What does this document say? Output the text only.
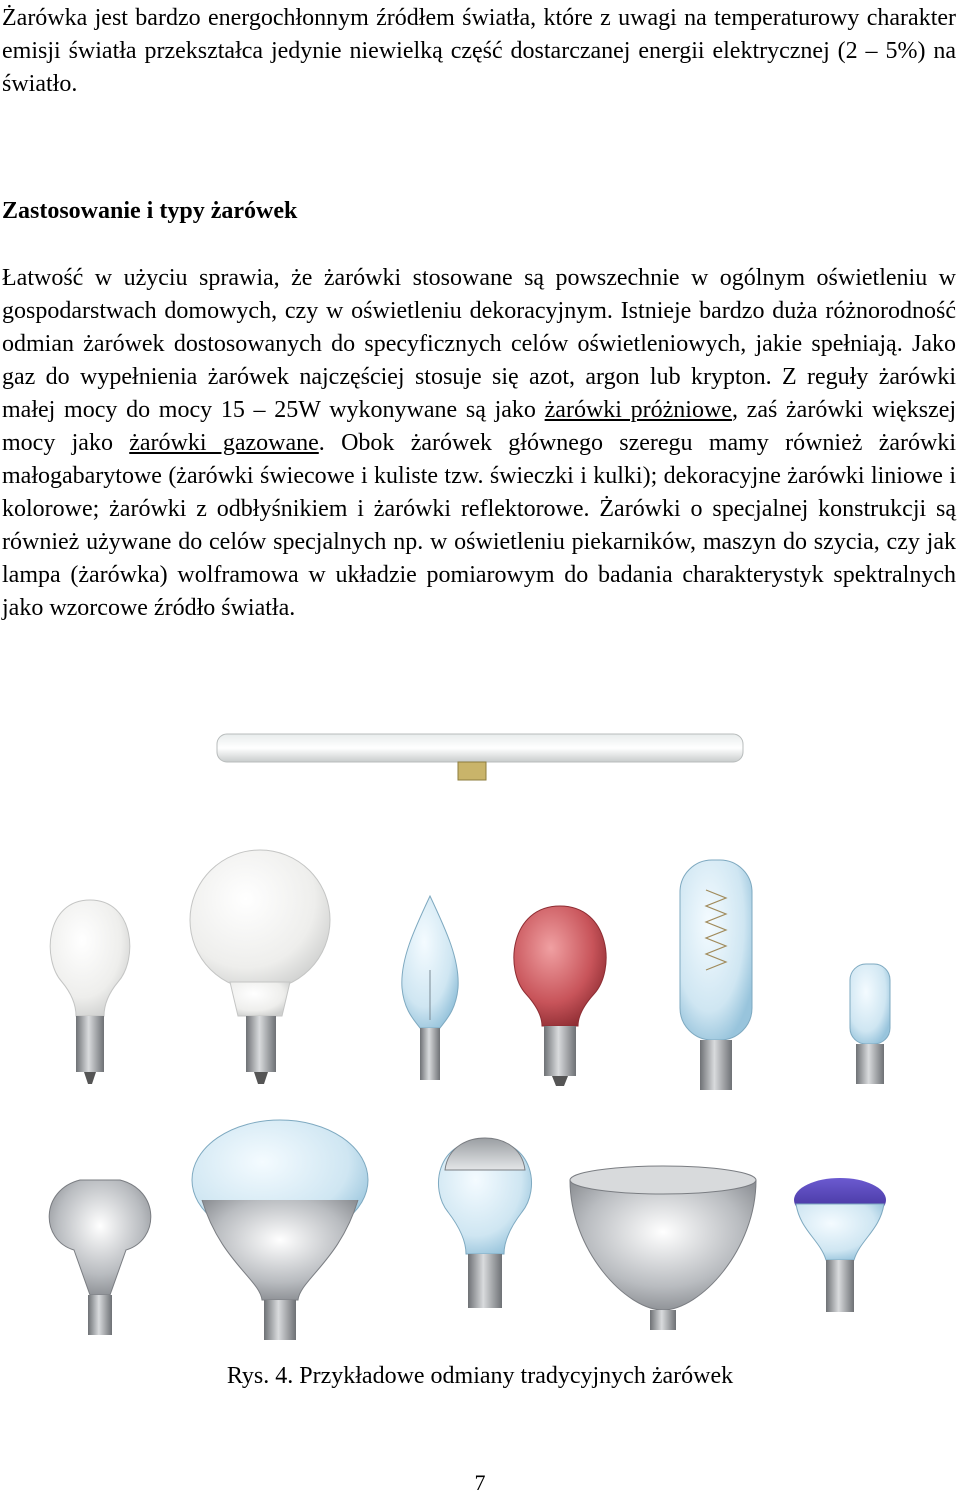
Żarówka jest bardzo energochłonnym źródłem światła, które z uwagi na temperaturowy charakter emisji światła przekształca jedynie niewielką część dostarczanej energii elektrycznej (2 – 5%) na światło.

Zastosowanie i typy żarówek

Łatwość w użyciu sprawia, że żarówki stosowane są powszechnie w ogólnym oświetleniu w gospodarstwach domowych, czy w oświetleniu dekoracyjnym. Istnieje bardzo duża różnorodność odmian żarówek dostosowanych do specyficznych celów oświetleniowych, jakie spełniają. Jako gaz do wypełnienia żarówek najczęściej stosuje się azot, argon lub krypton. Z reguły żarówki małej mocy do mocy 15 – 25W wykonywane są jako żarówki próżniowe, zaś żarówki większej mocy jako żarówki gazowane. Obok żarówek głównego szeregu mamy również żarówki małogabarytowe (żarówki świecowe i kuliste tzw. świeczki i kulki); dekoracyjne żarówki liniowe i kolorowe; żarówki z odbłyśnikiem i żarówki reflektorowe. Żarówki o specjalnej konstrukcji są również używane do celów specjalnych np. w oświetleniu piekarników, maszyn do szycia, czy jak lampa (żarówka) wolframowa w układzie pomiarowym do badania charakterystyk spektralnych jako wzorcowe źródło światła.

Rys. 4. Przykładowe odmiany tradycyjnych żarówek
7
